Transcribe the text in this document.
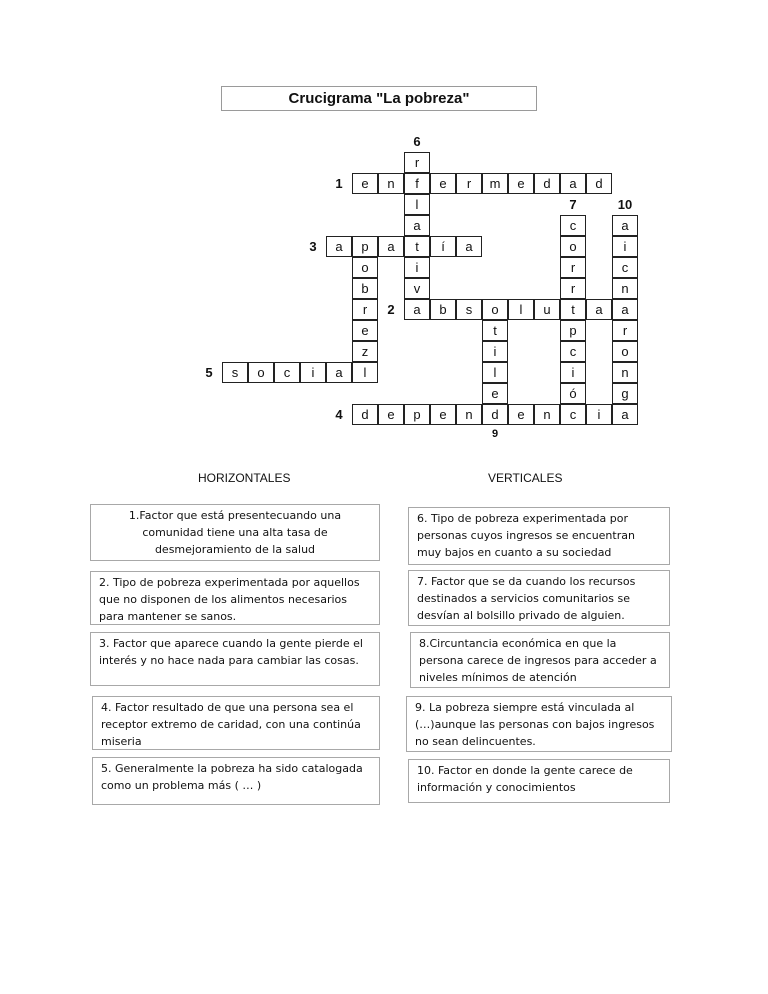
Crucigrama "La pobreza"
r
e	n	f	e	r	m	e	d	a	d
l
a	c	a
a	p	a	t	í	a	o	i
o	i	r	c
b	v	r	n
r	a	b	s	o	l	u	t	a	a
e	t	p	r
z	i	c	o
s	o	c	i	a	l	l	i	n
e	ó	g
d	e	p	e	n	d	e	n	c	i	a
6
1
7	10
3
2
5
4
9
HORIZONTALES	VERTICALES
1.Factor que está presentecuando una comunidad tiene una alta tasa de desmejoramiento de la salud
2. Tipo de pobreza experimentada por aquellos que no disponen de los alimentos necesarios para mantener se sanos.
3. Factor que aparece cuando la gente pierde el interés y no hace nada para cambiar las cosas.
4. Factor resultado de que una persona sea el receptor extremo de caridad, con una continúa miseria
5. Generalmente la pobreza ha sido catalogada como un problema más ( … )
6. Tipo de pobreza experimentada por personas cuyos ingresos se encuentran muy bajos en cuanto a su sociedad
7. Factor que se da cuando los recursos destinados a servicios comunitarios se desvían al bolsillo privado de alguien.
8.Circuntancia económica en que la persona carece de ingresos para acceder a niveles mínimos de atención
9. La pobreza siempre está vinculada al (…)aunque las personas con bajos ingresos no sean delincuentes.
10. Factor en donde la gente carece de información y conocimientos
